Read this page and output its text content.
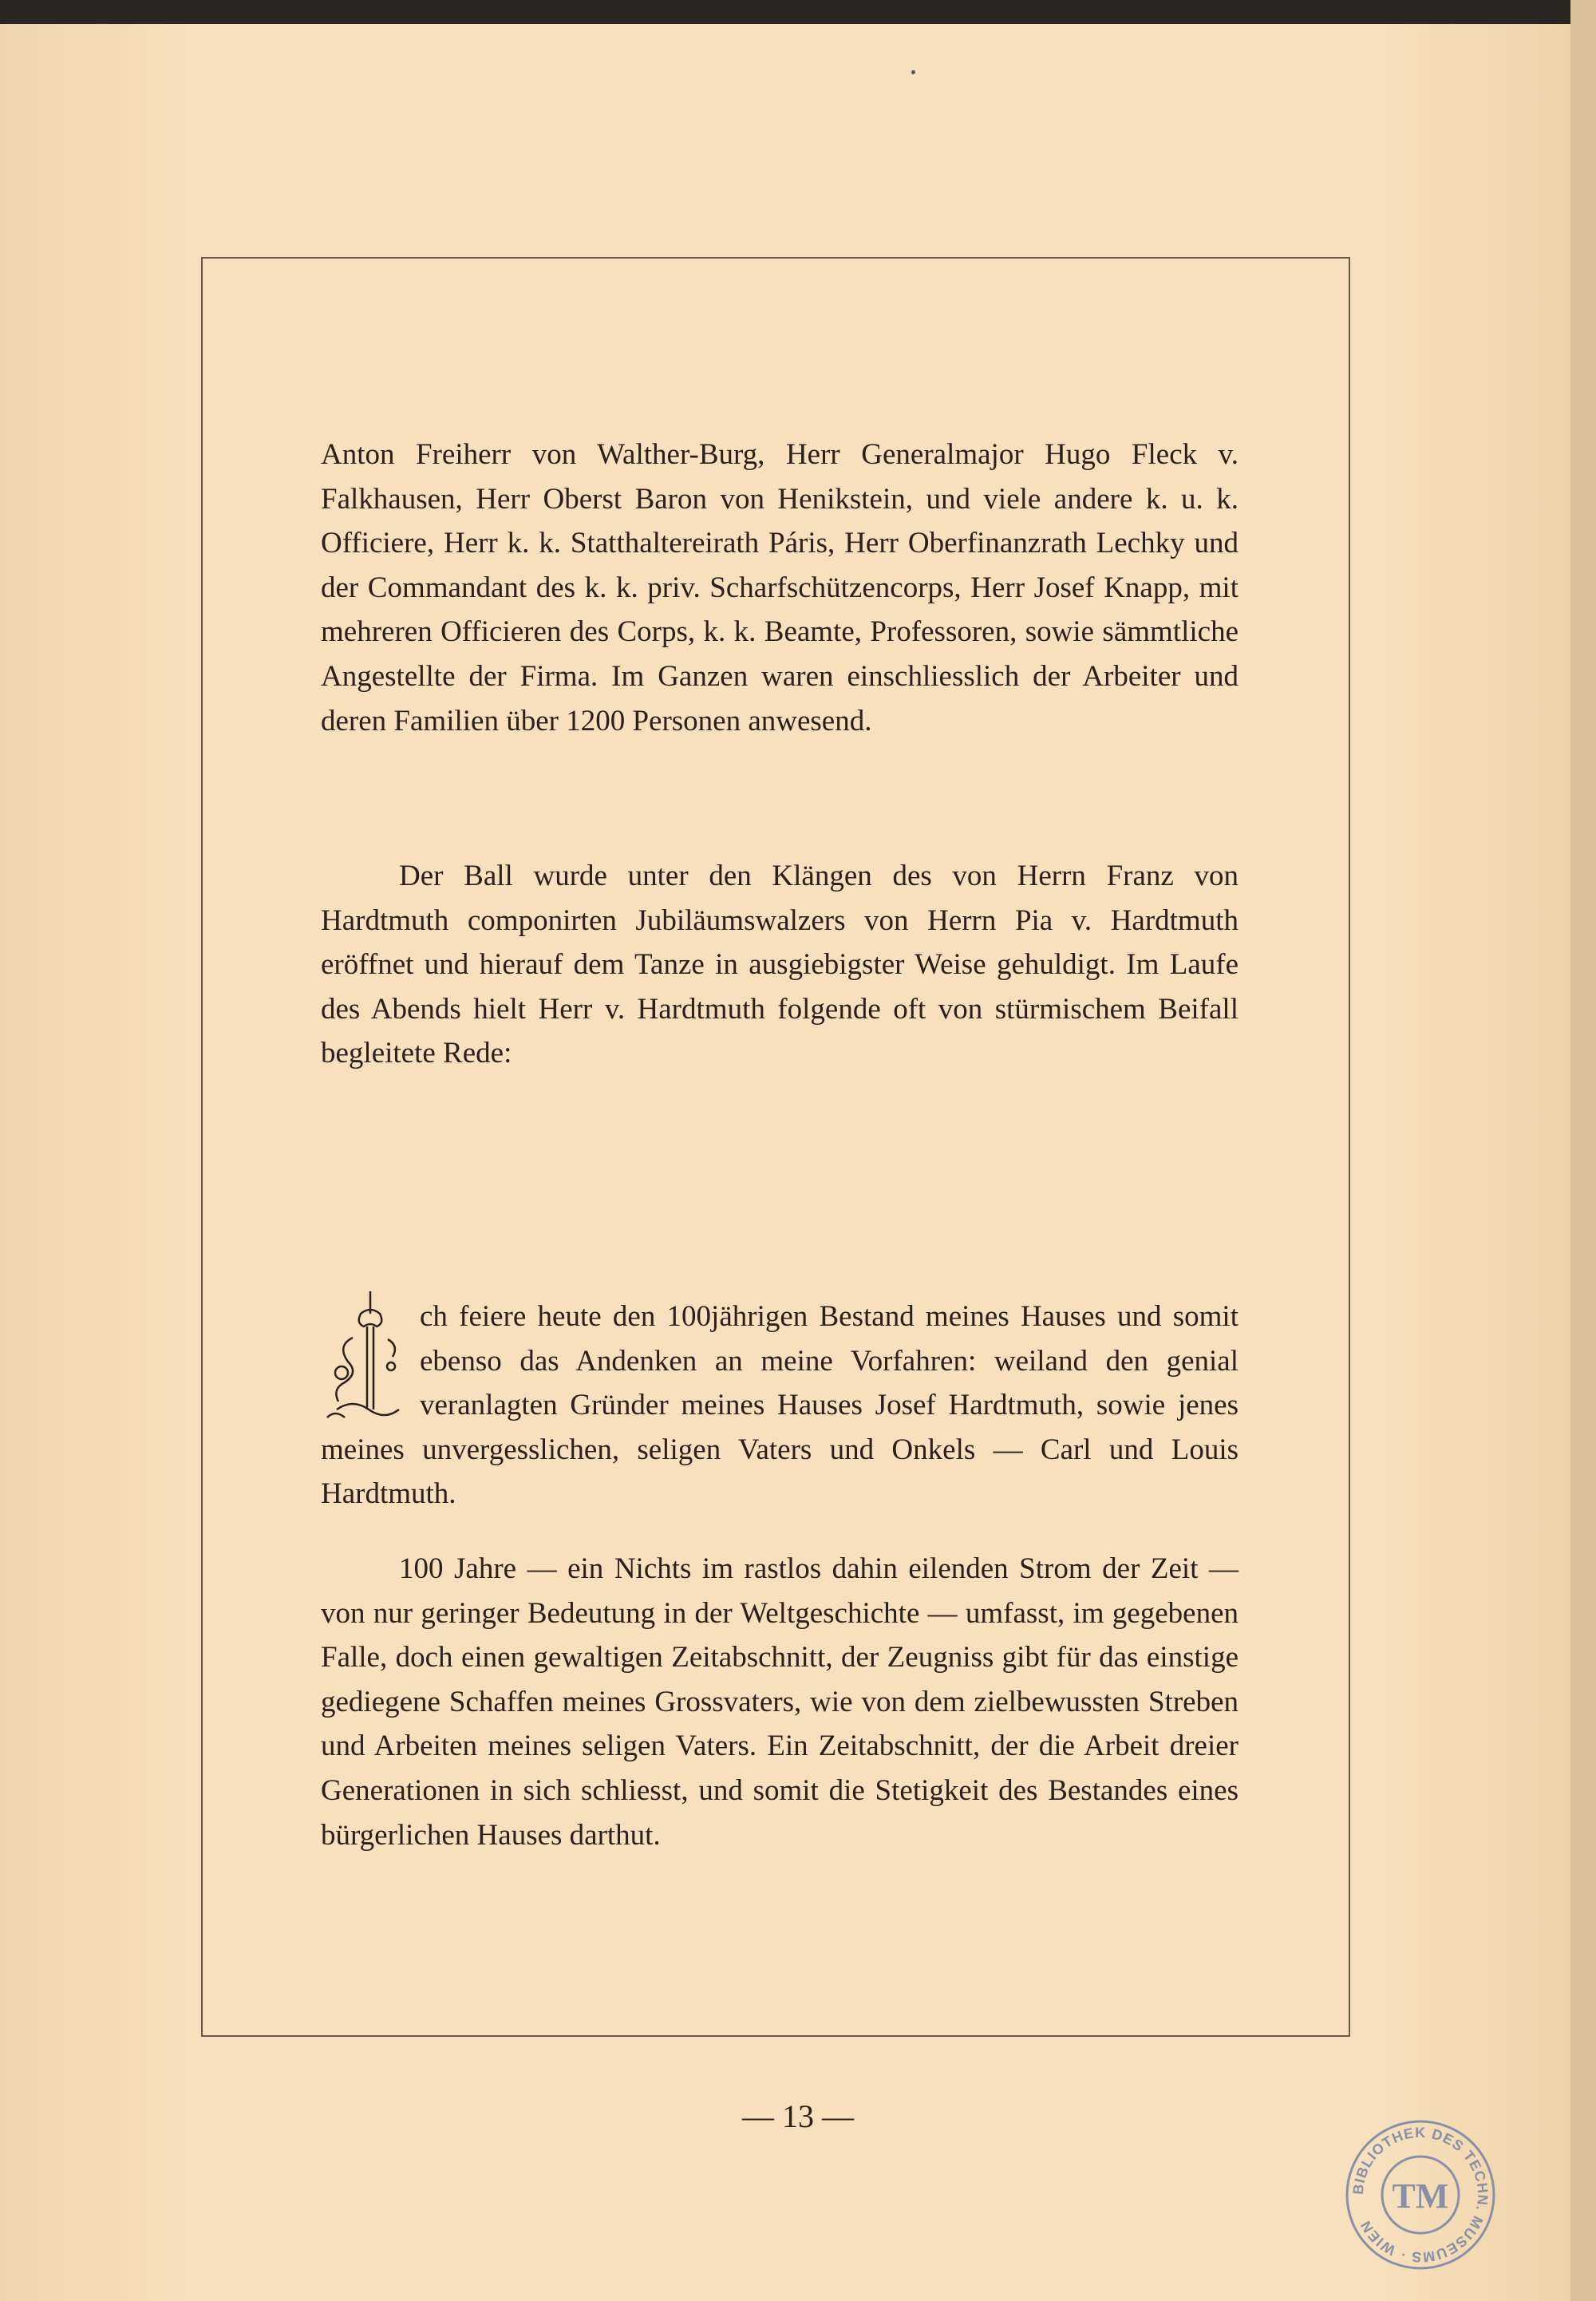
Anton Freiherr von Walther-Burg, Herr Generalmajor Hugo Fleck v. Falkhausen, Herr Oberst Baron von Henikstein, und viele andere k. u. k. Officiere, Herr k. k. Statthaltereirath Páris, Herr Oberfinanzrath Lechky und der Commandant des k. k. priv. Scharfschützencorps, Herr Josef Knapp, mit mehreren Officieren des Corps, k. k. Beamte, Professoren, sowie sämmtliche Angestellte der Firma. Im Ganzen waren einschliesslich der Arbeiter und deren Familien über 1200 Personen anwesend.

Der Ball wurde unter den Klängen des von Herrn Franz von Hardtmuth componirten Jubiläumswalzers von Herrn Pia v. Hardtmuth eröffnet und hierauf dem Tanze in ausgiebigster Weise gehuldigt. Im Laufe des Abends hielt Herr v. Hardtmuth folgende oft von stürmischem Beifall begleitete Rede:

ch feiere heute den 100jährigen Bestand meines Hauses und somit ebenso das Andenken an meine Vorfahren: weiland den genial veranlagten Gründer meines Hauses Josef Hardtmuth, sowie jenes meines unvergesslichen, seligen Vaters und Onkels — Carl und Louis Hardtmuth.

100 Jahre — ein Nichts im rastlos dahin eilenden Strom der Zeit — von nur geringer Bedeutung in der Weltgeschichte — umfasst, im gegebenen Falle, doch einen gewaltigen Zeitabschnitt, der Zeugniss gibt für das einstige gediegene Schaffen meines Grossvaters, wie von dem zielbewussten Streben und Arbeiten meines seligen Vaters. Ein Zeitabschnitt, der die Arbeit dreier Generationen in sich schliesst, und somit die Stetigkeit des Bestandes eines bürgerlichen Hauses darthut.

— 13 —
BIBLIOTHEK DES TECHN. MUSEUMS · WIEN
TM
